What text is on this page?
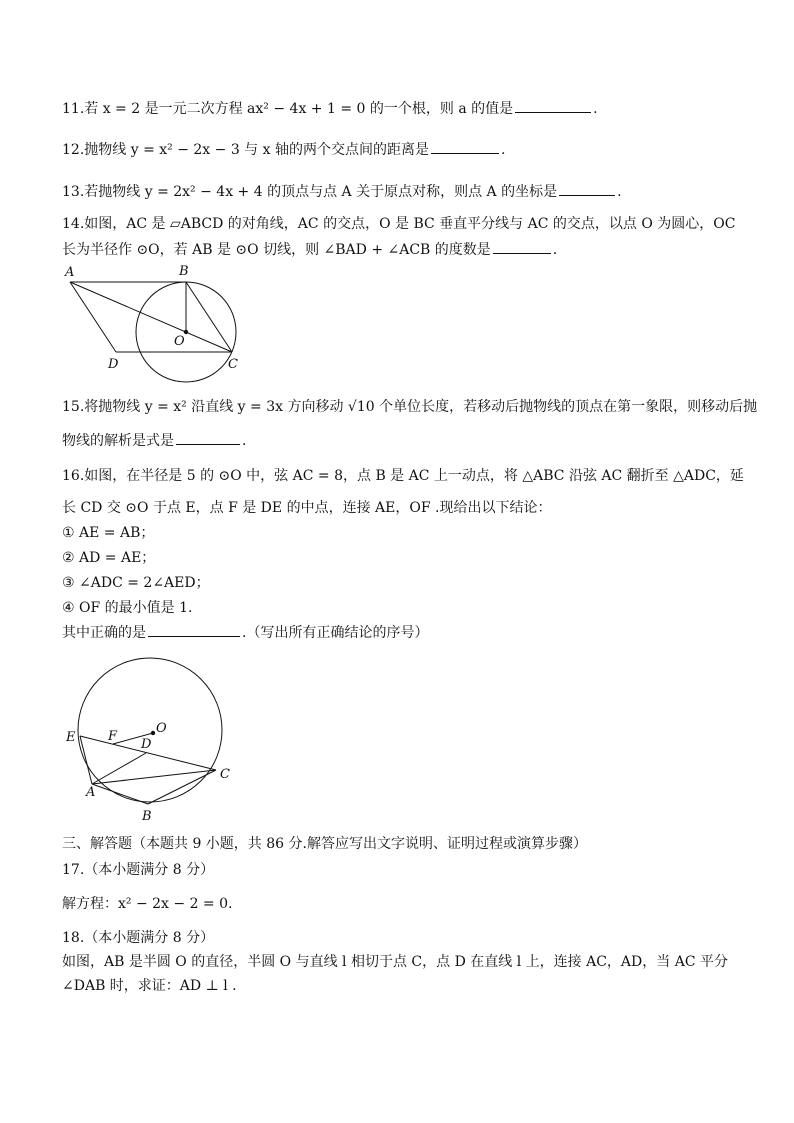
11.若 x = 2 是一元二次方程 ax² − 4x + 1 = 0 的一个根，则 a 的值是	.
12.抛物线 y = x² − 2x − 3 与 x 轴的两个交点间的距离是	.
13.若抛物线 y = 2x² − 4x + 4 的顶点与点 A 关于原点对称，则点 A 的坐标是	.
14.如图，AC 是 ▱ABCD 的对角线，AC 的交点，O 是 BC 垂直平分线与 AC 的交点，以点 O 为圆心，OC
长为半径作 ⊙O，若 AB 是 ⊙O 切线，则 ∠BAD + ∠ACB 的度数是	.
A	B
O
D	C
15.将抛物线 y = x² 沿直线 y = 3x 方向移动 √10 个单位长度，若移动后抛物线的顶点在第一象限，则移动后抛
物线的解析是式是	.
16.如图，在半径是 5 的 ⊙O 中，弦 AC = 8，点 B 是 AC 上一动点，将 △ABC 沿弦 AC 翻折至 △ADC，延
长 CD 交 ⊙O 于点 E，点 F 是 DE 的中点，连接 AE，OF .现给出以下结论：
① AE = AB；
② AD = AE；
③ ∠ADC = 2∠AED；
④ OF 的最小值是 1.
其中正确的是	.（写出所有正确结论的序号）
E	F
O
D
A
B
C
三、解答题（本题共 9 小题，共 86 分.解答应写出文字说明、证明过程或演算步骤）
17.（本小题满分 8 分）
解方程：x² − 2x − 2 = 0.
18.（本小题满分 8 分）
如图，AB 是半圆 O 的直径，半圆 O 与直线 l 相切于点 C，点 D 在直线 l 上，连接 AC，AD，当 AC 平分
∠DAB 时，求证：AD ⊥ l .
